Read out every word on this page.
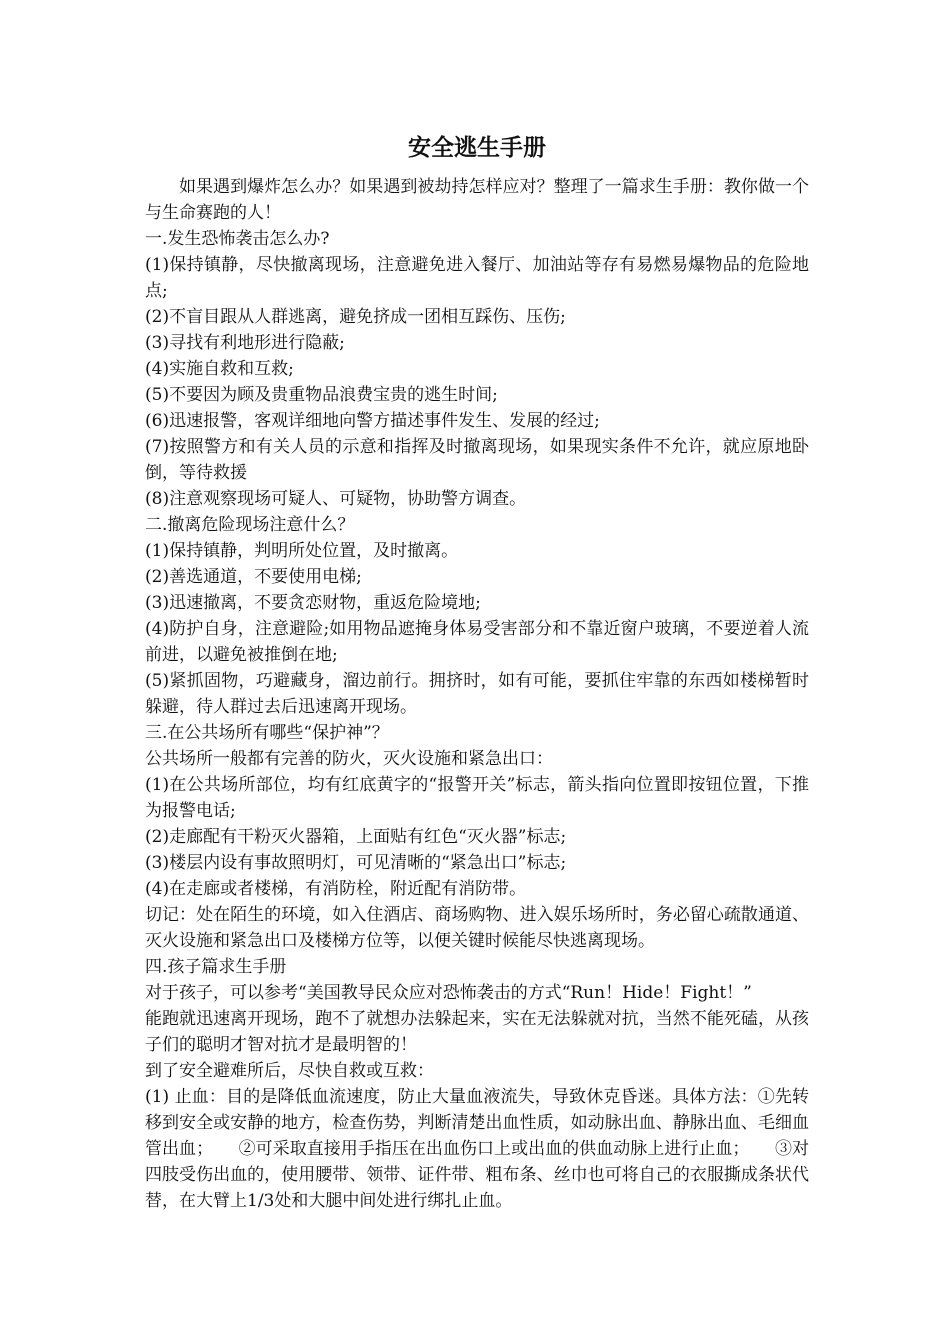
安全逃生手册

如果遇到爆炸怎么办？如果遇到被劫持怎样应对？整理了一篇求生手册：教你做一个与生命赛跑的人！

一.发生恐怖袭击怎么办?

(1)保持镇静，尽快撤离现场，注意避免进入餐厅、加油站等存有易燃易爆物品的危险地点;

(2)不盲目跟从人群逃离，避免挤成一团相互踩伤、压伤;

(3)寻找有利地形进行隐蔽;

(4)实施自救和互救;

(5)不要因为顾及贵重物品浪费宝贵的逃生时间;

(6)迅速报警，客观详细地向警方描述事件发生、发展的经过;

(7)按照警方和有关人员的示意和指挥及时撤离现场，如果现实条件不允许，就应原地卧倒，等待救援

(8)注意观察现场可疑人、可疑物，协助警方调查。

二.撤离危险现场注意什么？

(1)保持镇静，判明所处位置，及时撤离。

(2)善选通道，不要使用电梯;

(3)迅速撤离，不要贪恋财物，重返危险境地;

(4)防护自身，注意避险;如用物品遮掩身体易受害部分和不靠近窗户玻璃，不要逆着人流前进，以避免被推倒在地;

(5)紧抓固物，巧避藏身，溜边前行。拥挤时，如有可能，要抓住牢靠的东西如楼梯暂时躲避，待人群过去后迅速离开现场。

三.在公共场所有哪些“保护神”？

公共场所一般都有完善的防火，灭火设施和紧急出口：

(1)在公共场所部位，均有红底黄字的“报警开关”标志，箭头指向位置即按钮位置，下推为报警电话;

(2)走廊配有干粉灭火器箱，上面贴有红色“灭火器”标志;

(3)楼层内设有事故照明灯，可见清晰的“紧急出口”标志;

(4)在走廊或者楼梯，有消防栓，附近配有消防带。

切记：处在陌生的环境，如入住酒店、商场购物、进入娱乐场所时，务必留心疏散通道、灭火设施和紧急出口及楼梯方位等，以便关键时候能尽快逃离现场。

四.孩子篇求生手册

对于孩子，可以参考“美国教导民众应对恐怖袭击的方式“Run！Hide！Fight！”

能跑就迅速离开现场，跑不了就想办法躲起来，实在无法躲就对抗，当然不能死磕，从孩子们的聪明才智对抗才是最明智的！

到了安全避难所后，尽快自救或互救：

(1) 止血：目的是降低血流速度，防止大量血液流失，导致休克昏迷。具体方法：①先转移到安全或安静的地方，检查伤势，判断清楚出血性质，如动脉出血、静脉出血、毛细血管出血；　　②可采取直接用手指压在出血伤口上或出血的供血动脉上进行止血；　　③对四肢受伤出血的，使用腰带、领带、证件带、粗布条、丝巾也可将自己的衣服撕成条状代替，在大臂上1/3处和大腿中间处进行绑扎止血。
